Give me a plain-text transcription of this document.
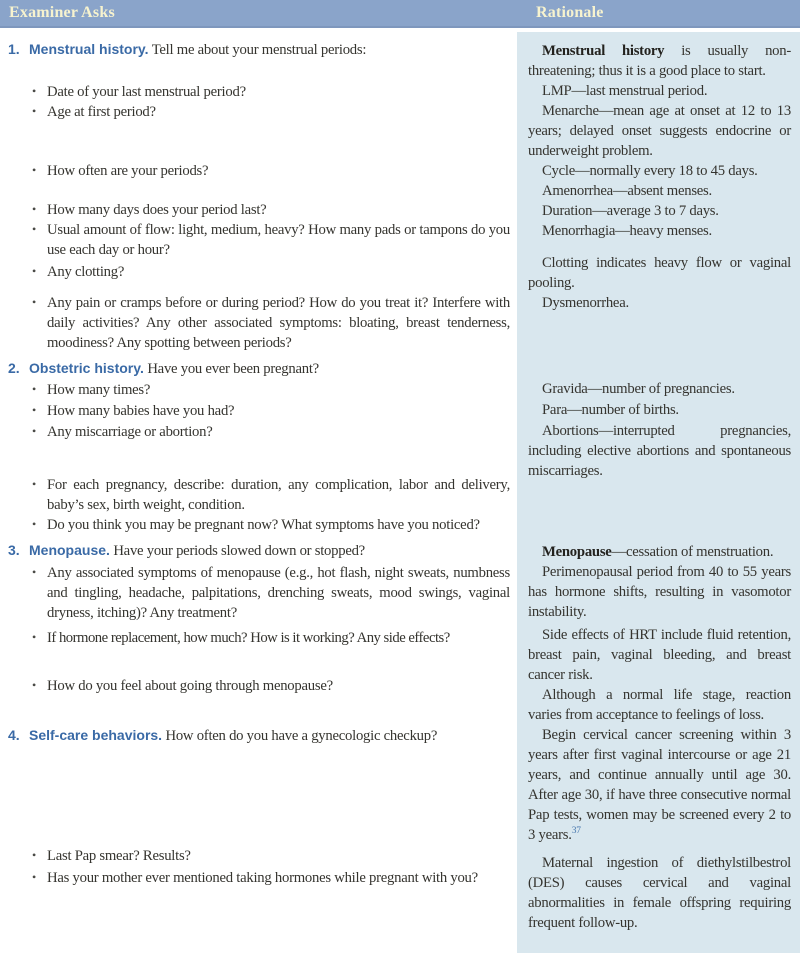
Examiner Asks	Rationale
1. Menstrual history. Tell me about your menstrual periods:
• Date of your last menstrual period?
• Age at first period?
• How often are your periods?
• How many days does your period last?
• Usual amount of flow: light, medium, heavy? How many pads or tampons do you use each day or hour?
• Any clotting?
• Any pain or cramps before or during period? How do you treat it? Interfere with daily activities? Any other associated symptoms: bloating, breast tenderness, moodiness? Any spotting between periods?
Menstrual history is usually non-threatening; thus it is a good place to start.
LMP—last menstrual period.
Menarche—mean age at onset at 12 to 13 years; delayed onset suggests endocrine or underweight problem.
Cycle—normally every 18 to 45 days.
Amenorrhea—absent menses.
Duration—average 3 to 7 days.
Menorrhagia—heavy menses.
Clotting indicates heavy flow or vaginal pooling.
Dysmenorrhea.
2. Obstetric history. Have you ever been pregnant?
• How many times?
• How many babies have you had?
• Any miscarriage or abortion?
• For each pregnancy, describe: duration, any complication, labor and delivery, baby’s sex, birth weight, condition.
• Do you think you may be pregnant now? What symptoms have you noticed?
Gravida—number of pregnancies.
Para—number of births.
Abortions—interrupted pregnancies, including elective abortions and spontaneous miscarriages.
3. Menopause. Have your periods slowed down or stopped?
• Any associated symptoms of menopause (e.g., hot flash, night sweats, numbness and tingling, headache, palpitations, drenching sweats, mood swings, vaginal dryness, itching)? Any treatment?
• If hormone replacement, how much? How is it working? Any side effects?
• How do you feel about going through menopause?
Menopause—cessation of menstruation.
Perimenopausal period from 40 to 55 years has hormone shifts, resulting in vasomotor instability.
Side effects of HRT include fluid retention, breast pain, vaginal bleeding, and breast cancer risk.
Although a normal life stage, reaction varies from acceptance to feelings of loss.
4. Self-care behaviors. How often do you have a gynecologic checkup?
• Last Pap smear? Results?
• Has your mother ever mentioned taking hormones while pregnant with you?
Begin cervical cancer screening within 3 years after first vaginal intercourse or age 21 years, and continue annually until age 30. After age 30, if have three consecutive normal Pap tests, women may be screened every 2 to 3 years.$^{37}$
Maternal ingestion of diethylstilbestrol (DES) causes cervical and vaginal abnormalities in female offspring requiring frequent follow-up.
